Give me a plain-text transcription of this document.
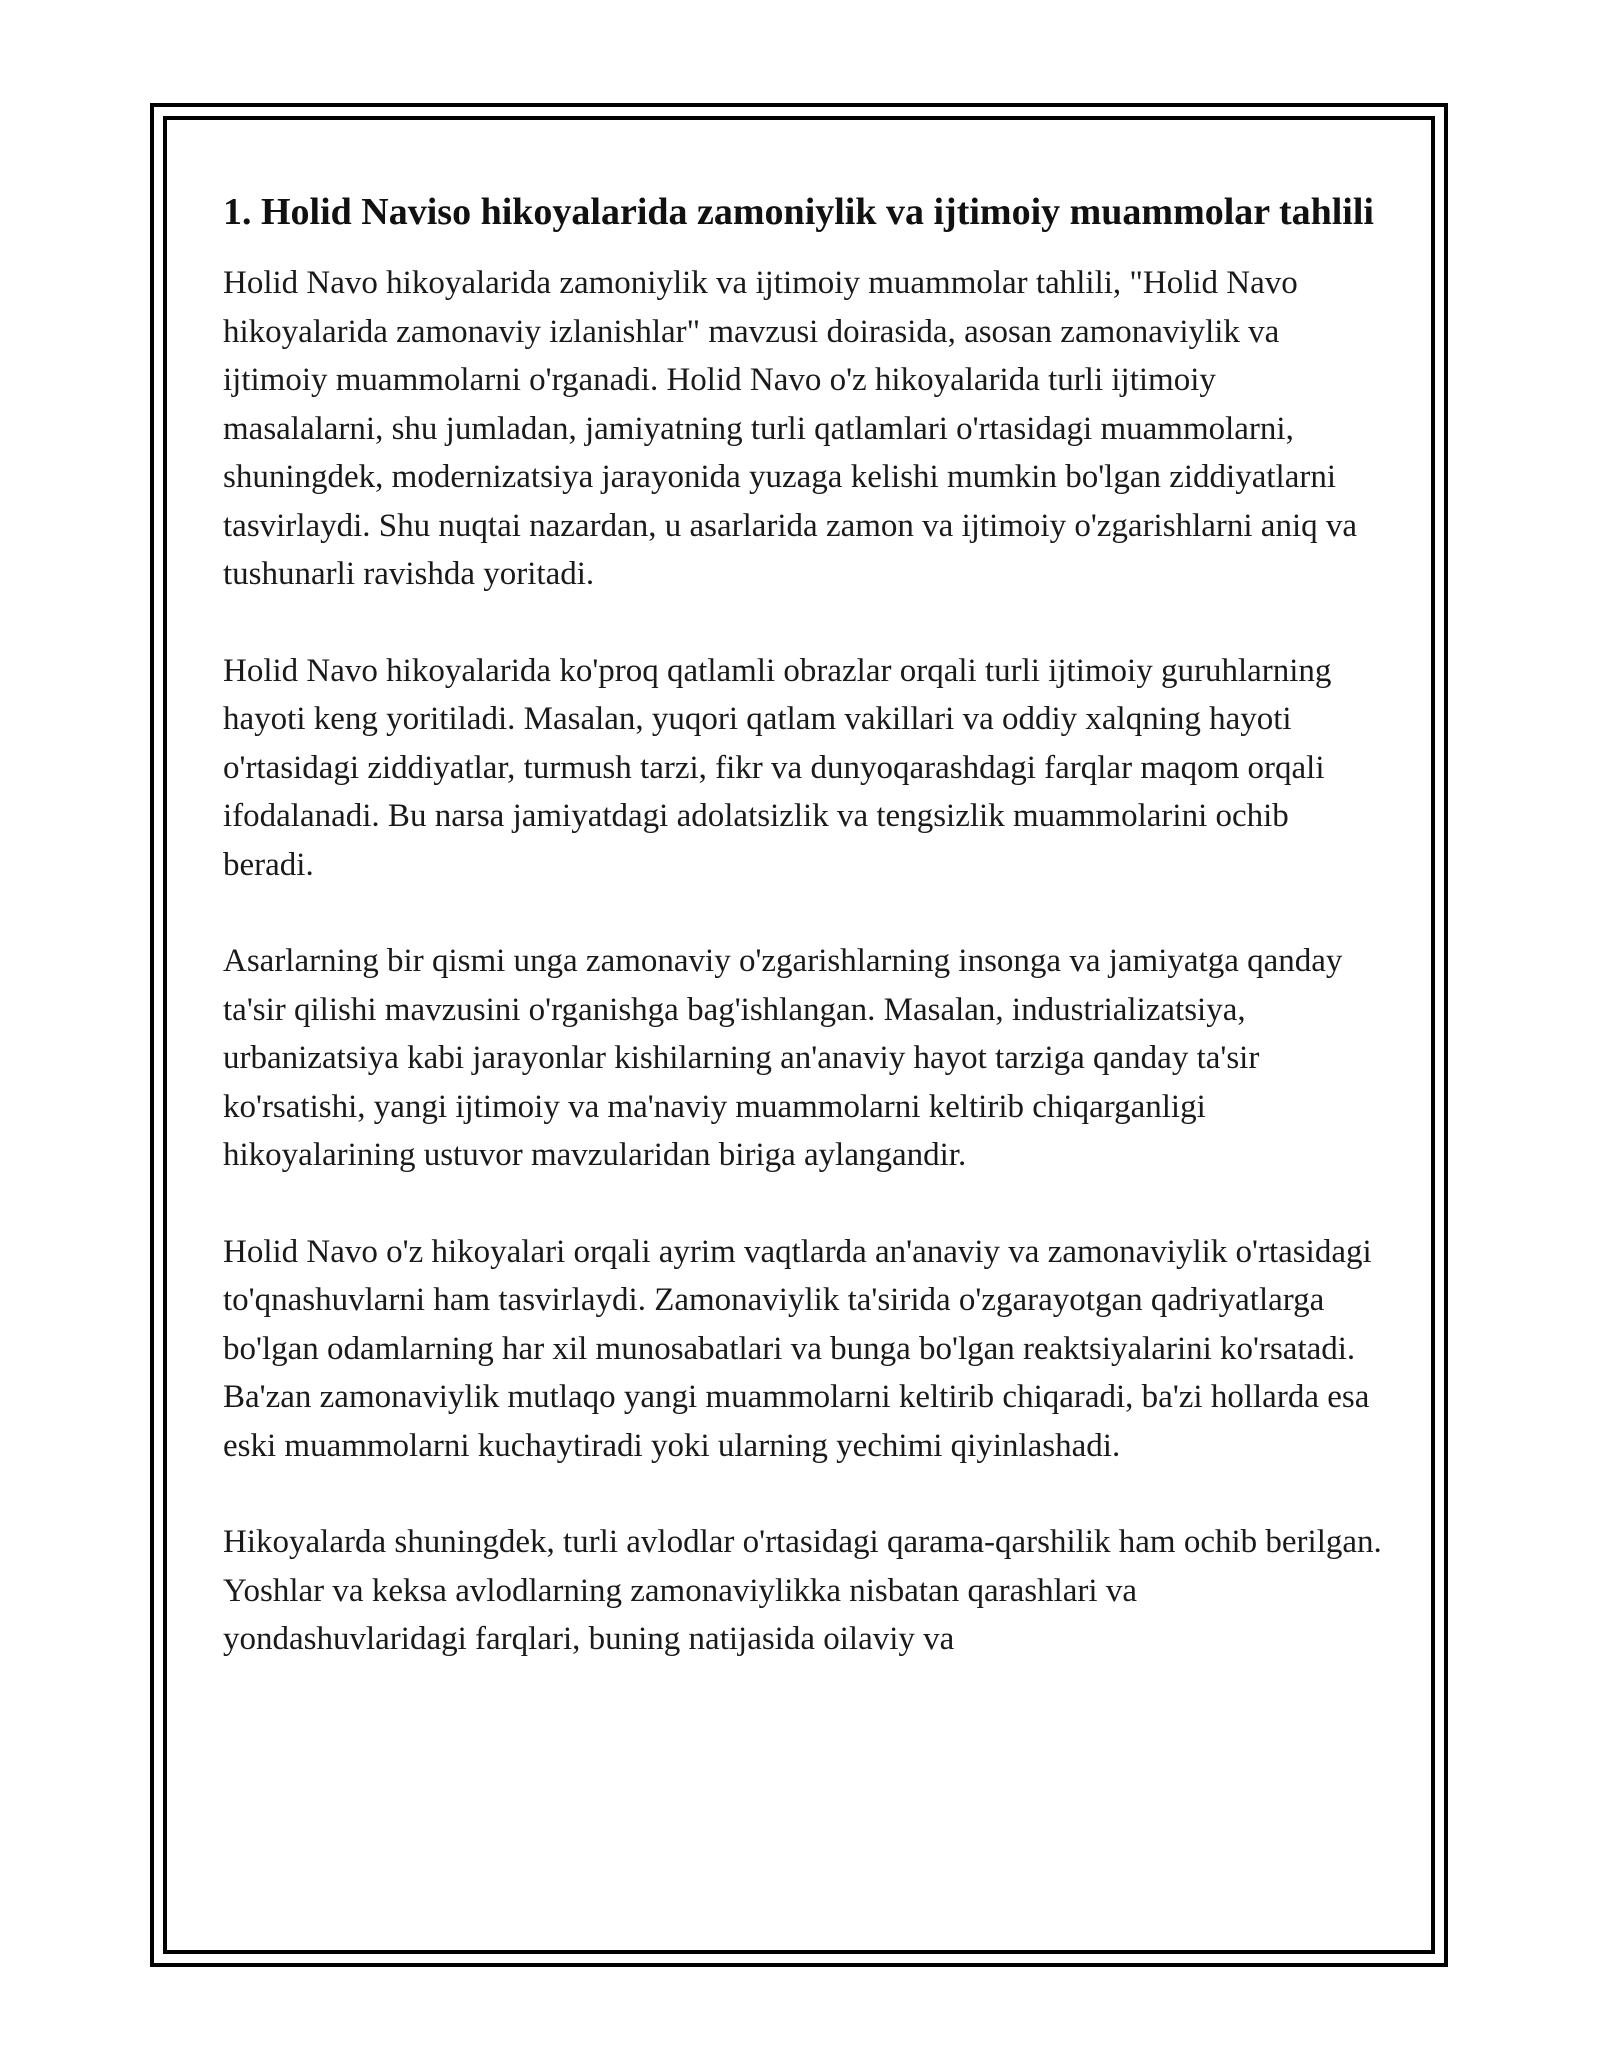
1. Holid Naviso hikoyalarida zamoniylik va ijtimoiy muammolar tahlili

Holid Navo hikoyalarida zamoniylik va ijtimoiy muammolar tahlili, "Holid Navo hikoyalarida zamonaviy izlanishlar" mavzusi doirasida, asosan zamonaviylik va ijtimoiy muammolarni o'rganadi. Holid Navo o'z hikoyalarida turli ijtimoiy masalalarni, shu jumladan, jamiyatning turli qatlamlari o'rtasidagi muammolarni, shuningdek, modernizatsiya jarayonida yuzaga kelishi mumkin bo'lgan ziddiyatlarni tasvirlaydi. Shu nuqtai nazardan, u asarlarida zamon va ijtimoiy o'zgarishlarni aniq va tushunarli ravishda yoritadi.

Holid Navo hikoyalarida ko'proq qatlamli obrazlar orqali turli ijtimoiy guruhlarning hayoti keng yoritiladi. Masalan, yuqori qatlam vakillari va oddiy xalqning hayoti o'rtasidagi ziddiyatlar, turmush tarzi, fikr va dunyoqarashdagi farqlar maqom orqali ifodalanadi. Bu narsa jamiyatdagi adolatsizlik va tengsizlik muammolarini ochib beradi.

Asarlarning bir qismi unga zamonaviy o'zgarishlarning insonga va jamiyatga qanday ta'sir qilishi mavzusini o'rganishga bag'ishlangan. Masalan, industrializatsiya, urbanizatsiya kabi jarayonlar kishilarning an'anaviy hayot tarziga qanday ta'sir ko'rsatishi, yangi ijtimoiy va ma'naviy muammolarni keltirib chiqarganligi hikoyalarining ustuvor mavzularidan biriga aylangandir.

Holid Navo o'z hikoyalari orqali ayrim vaqtlarda an'anaviy va zamonaviylik o'rtasidagi to'qnashuvlarni ham tasvirlaydi. Zamonaviylik ta'sirida o'zgarayotgan qadriyatlarga bo'lgan odamlarning har xil munosabatlari va bunga bo'lgan reaktsiyalarini ko'rsatadi. Ba'zan zamonaviylik mutlaqo yangi muammolarni keltirib chiqaradi, ba'zi hollarda esa eski muammolarni kuchaytiradi yoki ularning yechimi qiyinlashadi.

Hikoyalarda shuningdek, turli avlodlar o'rtasidagi qarama-qarshilik ham ochib berilgan. Yoshlar va keksa avlodlarning zamonaviylikka nisbatan qarashlari va yondashuvlaridagi farqlari, buning natijasida oilaviy va
